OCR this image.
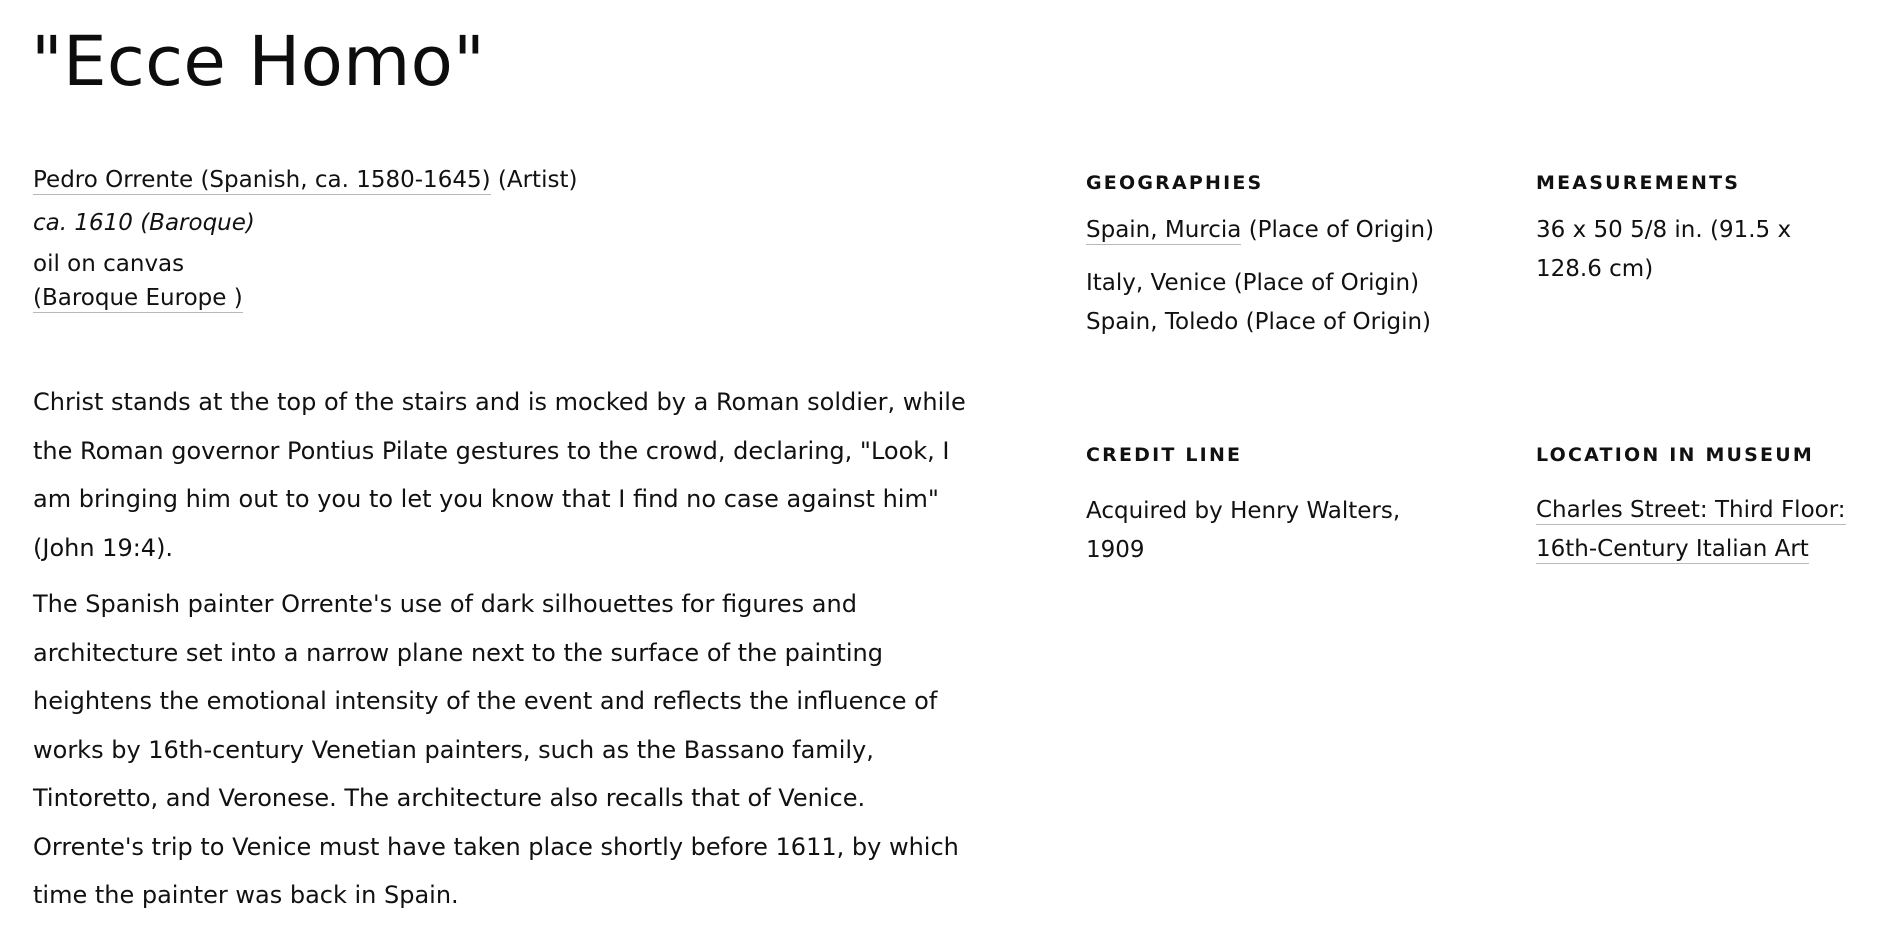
"Ecce Homo"
Pedro Orrente (Spanish, ca. 1580-1645) (Artist)
ca. 1610 (Baroque)
oil on canvas
(Baroque Europe )

Christ stands at the top of the stairs and is mocked by a Roman soldier, while the Roman governor Pontius Pilate gestures to the crowd, declaring, "Look, I am bringing him out to you to let you know that I find no case against him" (John 19:4).

The Spanish painter Orrente's use of dark silhouettes for figures and architecture set into a narrow plane next to the surface of the painting heightens the emotional intensity of the event and reflects the influence of works by 16th-century Venetian painters, such as the Bassano family, Tintoretto, and Veronese. The architecture also recalls that of Venice. Orrente's trip to Venice must have taken place shortly before 1611, by which time the painter was back in Spain.

GEOGRAPHIES
Spain, Murcia (Place of Origin)
Italy, Venice (Place of Origin)
Spain, Toledo (Place of Origin)
MEASUREMENTS
36 x 50 5/8 in. (91.5 x 128.6 cm)
CREDIT LINE
Acquired by Henry Walters, 1909
LOCATION IN MUSEUM
Charles Street: Third Floor:
16th-Century Italian Art
